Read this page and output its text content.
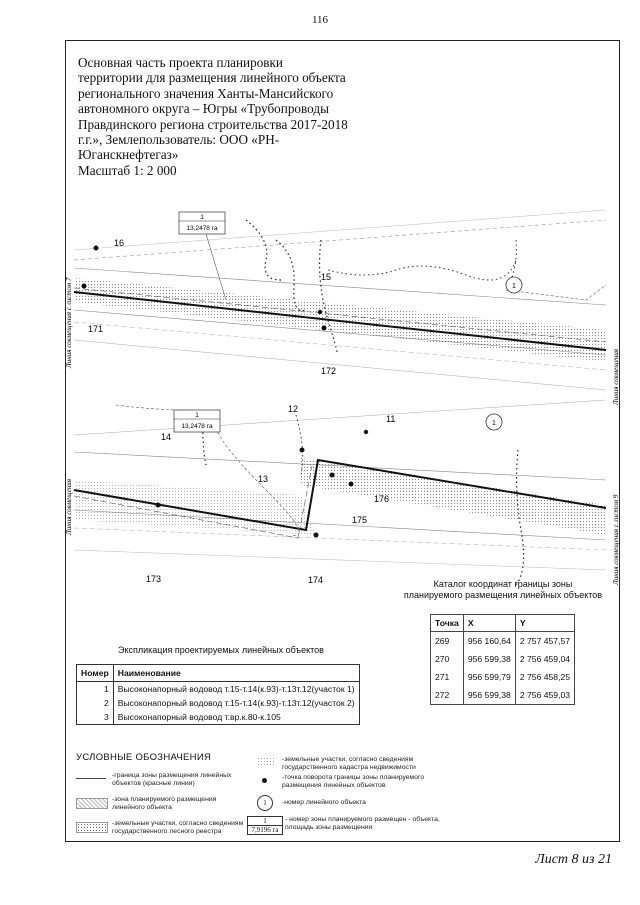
116
Основная часть проекта планировки
территории для размещения линейного объекта
регионального значения Ханты-Мансийского
автономного округа – Югры «Трубопроводы
Правдинского региона строительства 2017-2018
г.г.», Землепользователь: ООО «РН-
Юганскнефтегаз»
Масштаб 1: 2 000
1
1
13,2478 га
16
15
171
172
1
1
13,2478 га
12
11
14
13
176
175
173	174
Линия совмещения с листом 7
Линия совмещения
Линия совмещения	Линия совмещения с листом 9
Каталог координат границы зоны
планируемого размещения линейных объектов
Точка	X	Y
269	956 160,64	2 757 457,57
270	956 599,38	2 756 459,04
271	956 599,79	2 756 458,25
272	956 599,38	2 756 459,03
Экспликация проектируемых линейных объектов
Номер	Наименование
1	Высоконапорный водовод т.15-т.14(к.93)-т.13т.12(участок 1)
2	Высоконапорный водовод т.15-т.14(к.93)-т.13т.12(участок 2)
3	Высоконапорный водовод т.вр.к.80-к.105
УСЛОВНЫЕ ОБОЗНАЧЕНИЯ
-граница зоны размещения линейных объектов (красные линии)
-зона планируемого размещения линейного объекта
-земельные участки, согласно сведениям государственного лесного реестра
-земельные участки, согласно сведениям государственного кадастра недвижимости
-точка поворота границы зоны планируемого размещения линейных объектов
1	-номер линейного объекта
1
7,9196 га
- номер зоны планируемого размещен - объекта, площадь зоны размещения
Лист 8 из 21
